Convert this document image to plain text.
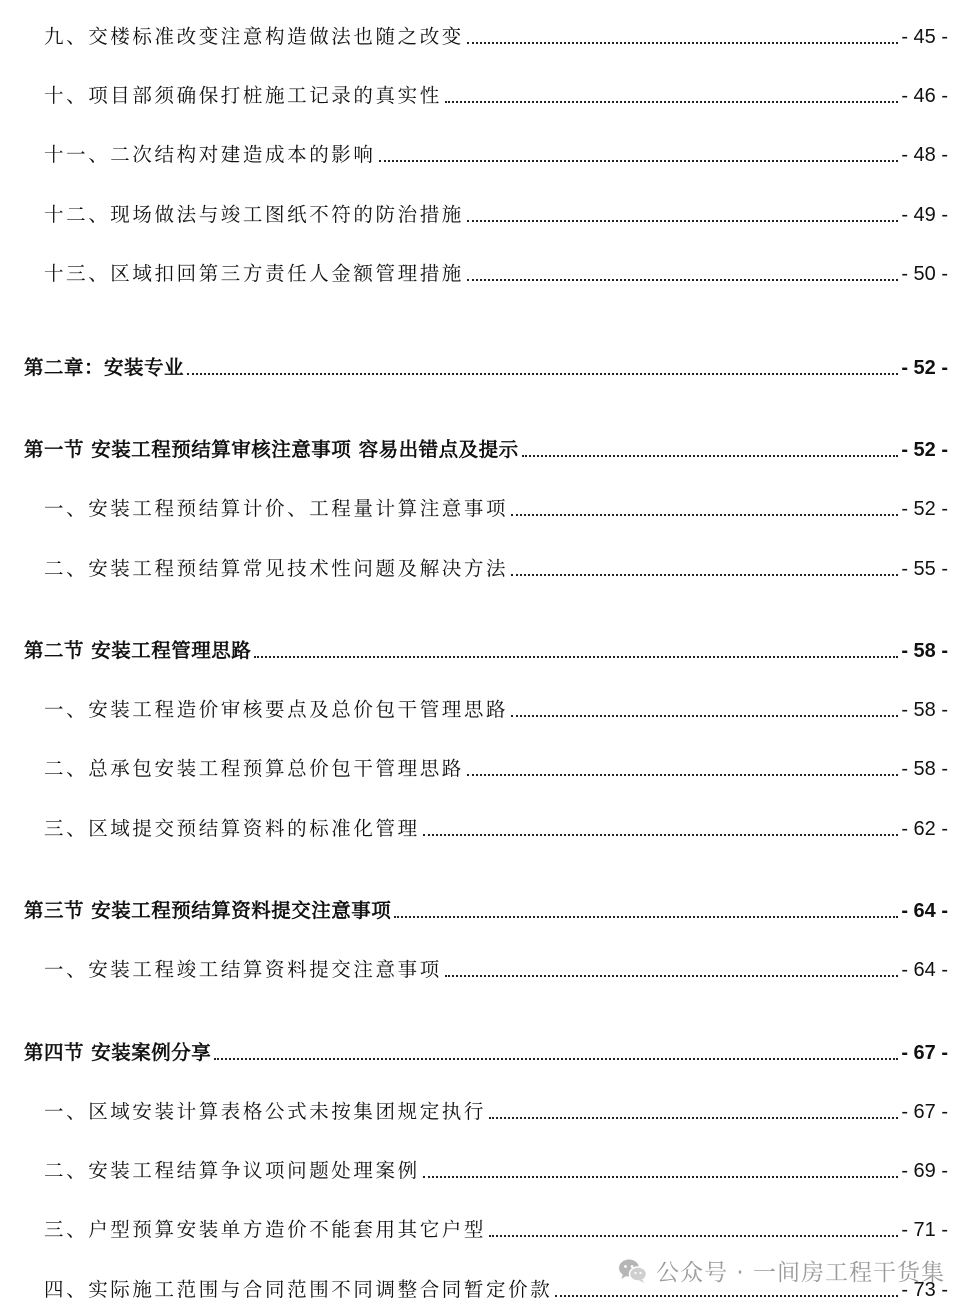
九、交楼标准改变注意构造做法也随之改变	- 45 -
十、项目部须确保打桩施工记录的真实性	- 46 -
十一、二次结构对建造成本的影响	- 48 -
十二、现场做法与竣工图纸不符的防治措施	- 49 -
十三、区域扣回第三方责任人金额管理措施	- 50 -
第二章：安装专业	- 52 -
第一节 安装工程预结算审核注意事项 容易出错点及提示	- 52 -
一、安装工程预结算计价、工程量计算注意事项	- 52 -
二、安装工程预结算常见技术性问题及解决方法	- 55 -
第二节 安装工程管理思路	- 58 -
一、安装工程造价审核要点及总价包干管理思路	- 58 -
二、总承包安装工程预算总价包干管理思路	- 58 -
三、区域提交预结算资料的标准化管理	- 62 -
第三节 安装工程预结算资料提交注意事项	- 64 -
一、安装工程竣工结算资料提交注意事项	- 64 -
第四节 安装案例分享	- 67 -
一、区域安装计算表格公式未按集团规定执行	- 67 -
二、安装工程结算争议项问题处理案例	- 69 -
三、户型预算安装单方造价不能套用其它户型	- 71 -
四、实际施工范围与合同范围不同调整合同暂定价款	- 73 -
公众号 · 一间房工程干货集
